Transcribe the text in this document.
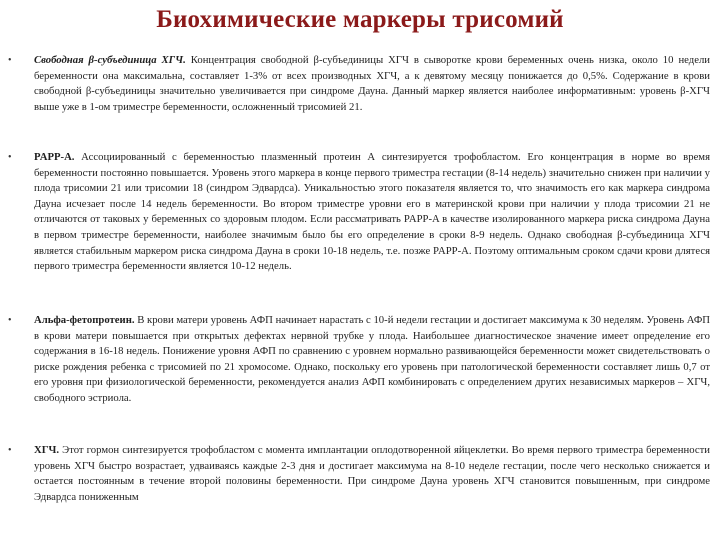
Биохимические маркеры трисомий
• Свободная β-субъединица ХГЧ. Концентрация свободной β-субъединицы ХГЧ в сыворотке крови беременных очень низка, около 10 недели беременности она максимальна, составляет 1-3% от всех производных ХГЧ, а к девятому месяцу понижается до 0,5%. Содержание в крови свободной β-субъединицы значительно увеличивается при синдроме Дауна. Данный маркер является наиболее информативным: уровень β-ХГЧ выше уже в 1-ом триместре беременности, осложненный трисомией 21.
• PAPP-A. Ассоциированный с беременностью плазменный протеин А синтезируется трофобластом. Его концентрация в норме во время беременности постоянно повышается. Уровень этого маркера в конце первого триместра гестации (8-14 недель) значительно снижен при наличии у плода трисомии 21 или трисомии 18 (синдром Эдвардса). Уникальностью этого показателя является то, что значимость его как маркера синдрома Дауна исчезает после 14 недель беременности. Во втором триместре уровни его в материнской крови при наличии у плода трисомии 21 не отличаются от таковых у беременных со здоровым плодом. Если рассматривать PAPP-A в качестве изолированного маркера риска синдрома Дауна в первом триместре беременности, наиболее значимым было бы его определение в сроки 8-9 недель. Однако свободная β-субъединица ХГЧ является стабильным маркером риска синдрома Дауна в сроки 10-18 недель, т.е. позже PAPP-A. Поэтому оптимальным сроком сдачи крови длятеся первого триместра беременности является 10-12 недель.
• Альфа-фетопротеин. В крови матери уровень АФП начинает нарастать с 10-й недели гестации и достигает максимума к 30 неделям. Уровень АФП в крови матери повышается при открытых дефектах нервной трубке у плода. Наибольшее диагностическое значение имеет определение его содержания в 16-18 недель. Понижение уровня АФП по сравнению с уровнем нормально развивающейся беременности может свидетельствовать о риске рождения ребенка с трисомией по 21 хромосоме. Однако, поскольку его уровень при патологической беременности составляет лишь 0,7 от его уровня при физиологической беременности, рекомендуется анализ АФП комбинировать с определением других независимых маркеров – ХГЧ, свободного эстриола.
• ХГЧ. Этот гормон синтезируется трофобластом с момента имплантации оплодотворенной яйцеклетки. Во время первого триместра беременности уровень ХГЧ быстро возрастает, удваиваясь каждые 2-3 дня и достигает максимума на 8-10 неделе гестации, после чего несколько снижается и остается постоянным в течение второй половины беременности. При синдроме Дауна уровень ХГЧ становится повышенным, при синдроме Эдвардса пониженным
